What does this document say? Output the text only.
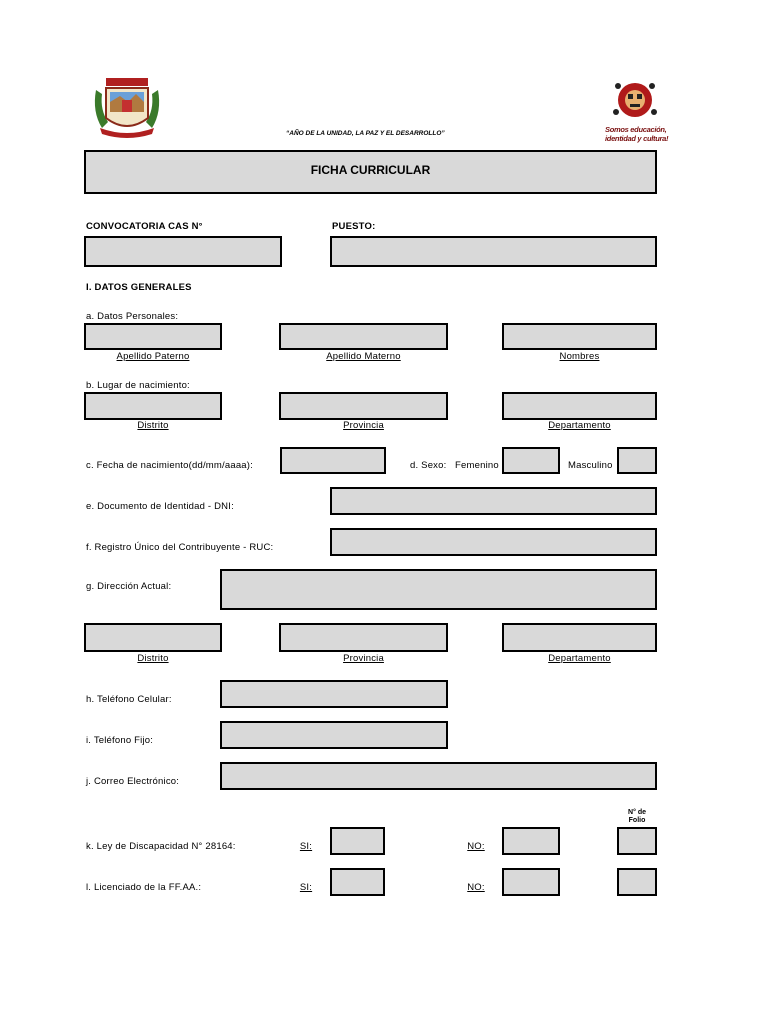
Somos educación,
identidad y cultura!
“AÑO DE LA UNIDAD, LA PAZ Y EL DESARROLLO”
FICHA CURRICULAR
CONVOCATORIA CAS N°	PUESTO:
I. DATOS GENERALES
a. Datos Personales:
Apellido Paterno	Apellido Materno	Nombres
b. Lugar de nacimiento:
Distrito	Provincia	Departamento
c. Fecha de nacimiento(dd/mm/aaaa):	d. Sexo: Femenino	Masculino
e. Documento de Identidad - DNI:
f. Registro Único del Contribuyente - RUC:
g. Dirección Actual:
Distrito	Provincia	Departamento
h. Teléfono Celular:
i. Teléfono Fijo:
j. Correo Electrónico:
N° de
Folio
k. Ley de Discapacidad N° 28164:	SI:	NO:
l. Licenciado de la FF.AA.:	SI:	NO:
